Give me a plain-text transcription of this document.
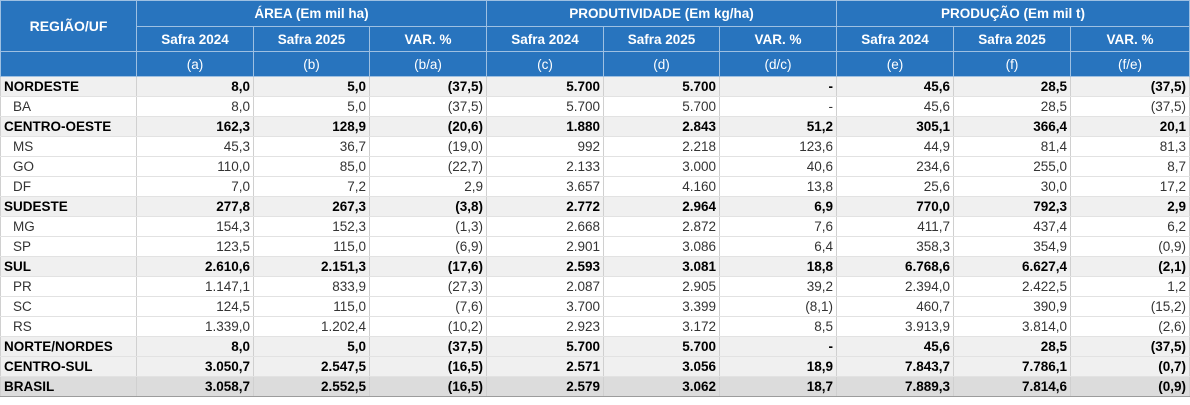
REGIÃO/UF	ÁREA (Em mil ha)			PRODUTIVIDADE (Em kg/ha)			PRODUÇÃO (Em mil t)		
	Safra 2024	Safra 2025	VAR. %	Safra 2024	Safra 2025	VAR. %	Safra 2024	Safra 2025	VAR. %
	(a)	(b)	(b/a)	(c)	(d)	(d/c)	(e)	(f)	(f/e)
NORDESTE	8,0	5,0	(37,5)	5.700	5.700	-	45,6	28,5	(37,5)
BA	8,0	5,0	(37,5)	5.700	5.700	-	45,6	28,5	(37,5)
CENTRO-OESTE	162,3	128,9	(20,6)	1.880	2.843	51,2	305,1	366,4	20,1
MS	45,3	36,7	(19,0)	992	2.218	123,6	44,9	81,4	81,3
GO	110,0	85,0	(22,7)	2.133	3.000	40,6	234,6	255,0	8,7
DF	7,0	7,2	2,9	3.657	4.160	13,8	25,6	30,0	17,2
SUDESTE	277,8	267,3	(3,8)	2.772	2.964	6,9	770,0	792,3	2,9
MG	154,3	152,3	(1,3)	2.668	2.872	7,6	411,7	437,4	6,2
SP	123,5	115,0	(6,9)	2.901	3.086	6,4	358,3	354,9	(0,9)
SUL	2.610,6	2.151,3	(17,6)	2.593	3.081	18,8	6.768,6	6.627,4	(2,1)
PR	1.147,1	833,9	(27,3)	2.087	2.905	39,2	2.394,0	2.422,5	1,2
SC	124,5	115,0	(7,6)	3.700	3.399	(8,1)	460,7	390,9	(15,2)
RS	1.339,0	1.202,4	(10,2)	2.923	3.172	8,5	3.913,9	3.814,0	(2,6)
NORTE/NORDES	8,0	5,0	(37,5)	5.700	5.700	-	45,6	28,5	(37,5)
CENTRO-SUL	3.050,7	2.547,5	(16,5)	2.571	3.056	18,9	7.843,7	7.786,1	(0,7)
BRASIL	3.058,7	2.552,5	(16,5)	2.579	3.062	18,7	7.889,3	7.814,6	(0,9)
